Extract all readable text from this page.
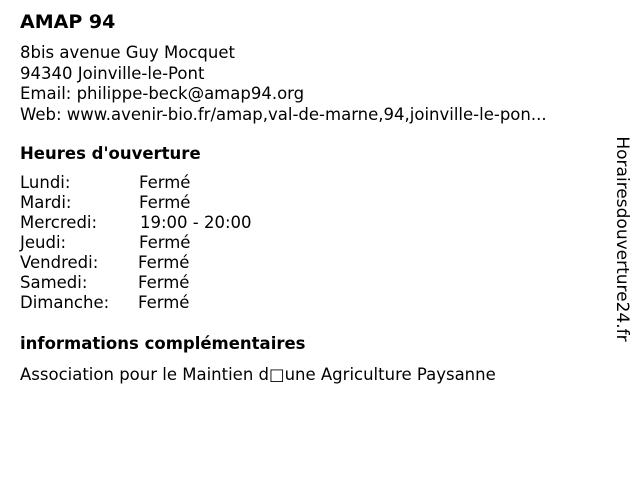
AMAP 94
8bis avenue Guy Mocquet
94340 Joinville-le-Pont
Email: philippe-beck@amap94.org
Web: www.avenir-bio.fr/amap,val-de-marne,94,joinville-le-pon...
Heures d'ouverture
Lundi:	Fermé
Mardi:	Fermé
Mercredi:	19:00 - 20:00
Jeudi:	Fermé
Vendredi: Fermé
Samedi:	Fermé
Dimanche: Fermé
informations complémentaires
Association pour le Maintien d□une Agriculture Paysanne
Horairesdouverture24.fr
